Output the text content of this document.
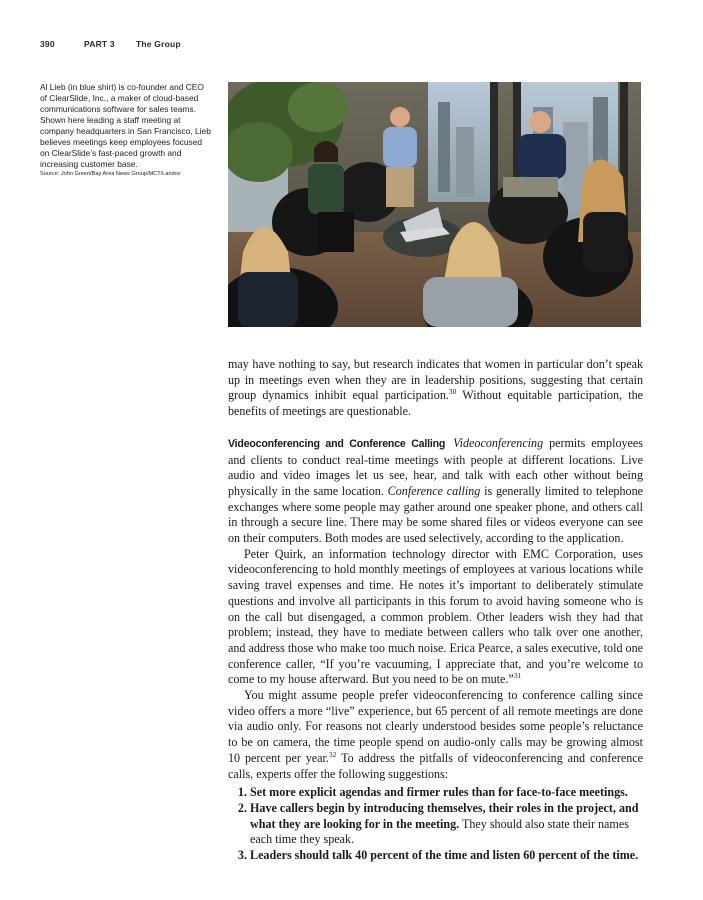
390	PART 3 The Group
Al Lieb (in blue shirt) is co-founder and CEO of ClearSlide, Inc., a maker of cloud-based communications software for sales teams. Shown here leading a staff meeting at company headquarters in San Francisco, Lieb believes meetings keep employees focused on ClearSlide’s fast-paced growth and increasing customer base.
Source: John Green/Bay Area News Group/MCT/Landov

may have nothing to say, but research indicates that women in particular don’t speak up in meetings even when they are in leadership positions, suggesting that certain group dynamics inhibit equal participation.$^{30}$ Without equitable participation, the benefits of meetings are questionable.

Videoconferencing and Conference Calling Videoconferencing permits employees and clients to conduct real-time meetings with people at different locations. Live audio and video images let us see, hear, and talk with each other without being physically in the same location. Conference calling is generally limited to telephone exchanges where some people may gather around one speaker phone, and others call in through a secure line. There may be some shared files or videos everyone can see on their computers. Both modes are used selectively, according to the application.

Peter Quirk, an information technology director with EMC Corporation, uses videoconferencing to hold monthly meetings of employees at various locations while saving travel expenses and time. He notes it’s important to deliberately stimulate questions and involve all participants in this forum to avoid having someone who is on the call but disengaged, a common problem. Other leaders wish they had that problem; instead, they have to mediate between callers who talk over one another, and address those who make too much noise. Erica Pearce, a sales executive, told one conference caller, “If you’re vacuuming, I appreciate that, and you’re welcome to come to my house afterward. But you need to be on mute.”$^{31}$

You might assume people prefer videoconferencing to conference calling since video offers a more “live” experience, but 65 percent of all remote meetings are done via audio only. For reasons not clearly understood besides some people’s reluctance to be on camera, the time people spend on audio-only calls may be growing almost 10 percent per year.$^{32}$ To address the pitfalls of videoconferencing and conference calls, experts offer the following suggestions:

1. Set more explicit agendas and firmer rules than for face-to-face meetings.
2. Have callers begin by introducing themselves, their roles in the project, and what they are looking for in the meeting. They should also state their names each time they speak.
3. Leaders should talk 40 percent of the time and listen 60 percent of the time.
